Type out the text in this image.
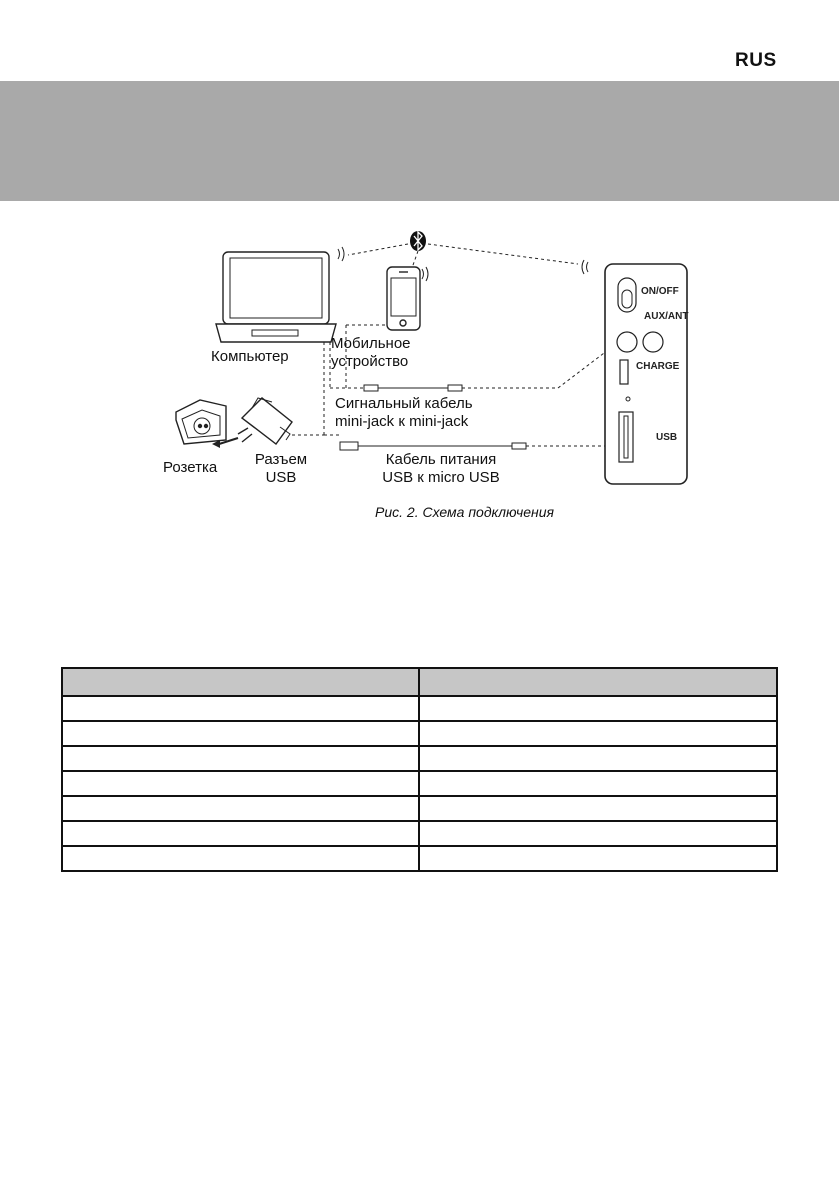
RUS
ON/OFF
AUX/ANT
CHARGE
USB
Компьютер
Мобильное
устройство
Сигнальный кабель
mini-jack к mini-jack
Розетка	Разъем
USB
Кабель питания
USB к micro USB
Рис. 2. Схема подключения
